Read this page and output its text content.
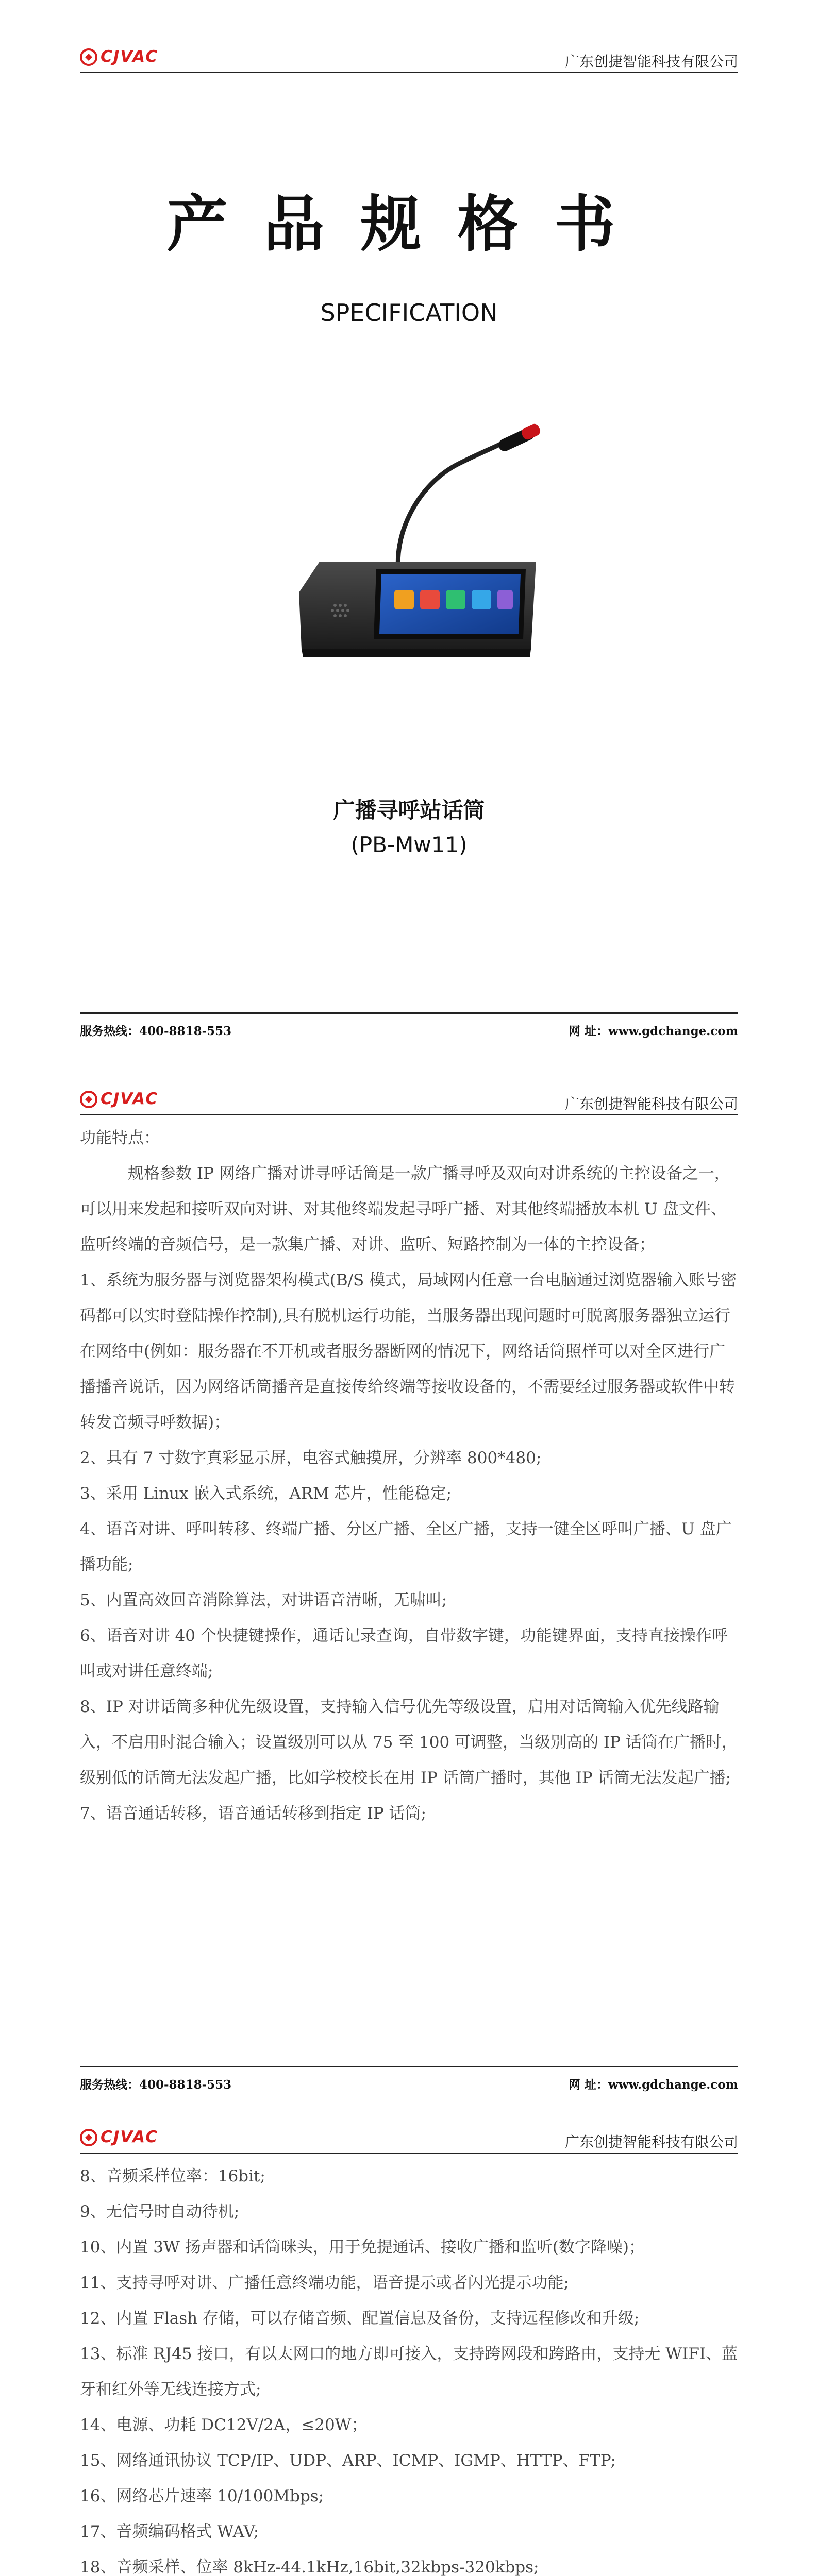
CJVAC	广东创捷智能科技有限公司
产品规格书
SPECIFICATION
广播寻呼站话筒
(PB-Mw11)
服务热线：400-8818-553	网 址：www.gdchange.com
CJVAC	广东创捷智能科技有限公司

功能特点：

规格参数 IP 网络广播对讲寻呼话筒是一款广播寻呼及双向对讲系统的主控设备之一，可以用来发起和接听双向对讲、对其他终端发起寻呼广播、对其他终端播放本机 U 盘文件、监听终端的音频信号，是一款集广播、对讲、监听、短路控制为一体的主控设备；

1、系统为服务器与浏览器架构模式(B/S 模式，局域网内任意一台电脑通过浏览器输入账号密码都可以实时登陆操作控制),具有脱机运行功能，当服务器出现问题时可脱离服务器独立运行在网络中(例如：服务器在不开机或者服务器断网的情况下，网络话筒照样可以对全区进行广播播音说话，因为网络话筒播音是直接传给终端等接收设备的，不需要经过服务器或软件中转转发音频寻呼数据)；

2、具有 7 寸数字真彩显示屏，电容式触摸屏，分辨率 800*480;

3、采用 Linux 嵌入式系统，ARM 芯片，性能稳定;

4、语音对讲、呼叫转移、终端广播、分区广播、全区广播，支持一键全区呼叫广播、U 盘广播功能;

5、内置高效回音消除算法，对讲语音清晰，无啸叫;

6、语音对讲 40 个快捷键操作，通话记录查询，自带数字键，功能键界面，支持直接操作呼叫或对讲任意终端;

8、IP 对讲话筒多种优先级设置，支持输入信号优先等级设置，启用对话筒输入优先线路输入，不启用时混合输入；设置级别可以从 75 至 100 可调整，当级别高的 IP 话筒在广播时，级别低的话筒无法发起广播，比如学校校长在用 IP 话筒广播时，其他 IP 话筒无法发起广播;

7、语音通话转移，语音通话转移到指定 IP 话筒;

服务热线：400-8818-553	网 址：www.gdchange.com
CJVAC	广东创捷智能科技有限公司

8、音频采样位率：16bit;

9、无信号时自动待机;

10、内置 3W 扬声器和话筒咪头，用于免提通话、接收广播和监听(数字降噪)；

11、支持寻呼对讲、广播任意终端功能，语音提示或者闪光提示功能;

12、内置 Flash 存储，可以存储音频、配置信息及备份，支持远程修改和升级;

13、标准 RJ45 接口，有以太网口的地方即可接入，支持跨网段和跨路由，支持无 WIFI、蓝牙和红外等无线连接方式;

14、电源、功耗 DC12V/2A，≤20W；

15、网络通讯协议 TCP/IP、UDP、ARP、ICMP、IGMP、HTTP、FTP;

16、网络芯片速率 10/100Mbps;

17、音频编码格式 WAV;

18、音频采样、位率 8kHz-44.1kHz,16bit,32kbps-320kbps;
